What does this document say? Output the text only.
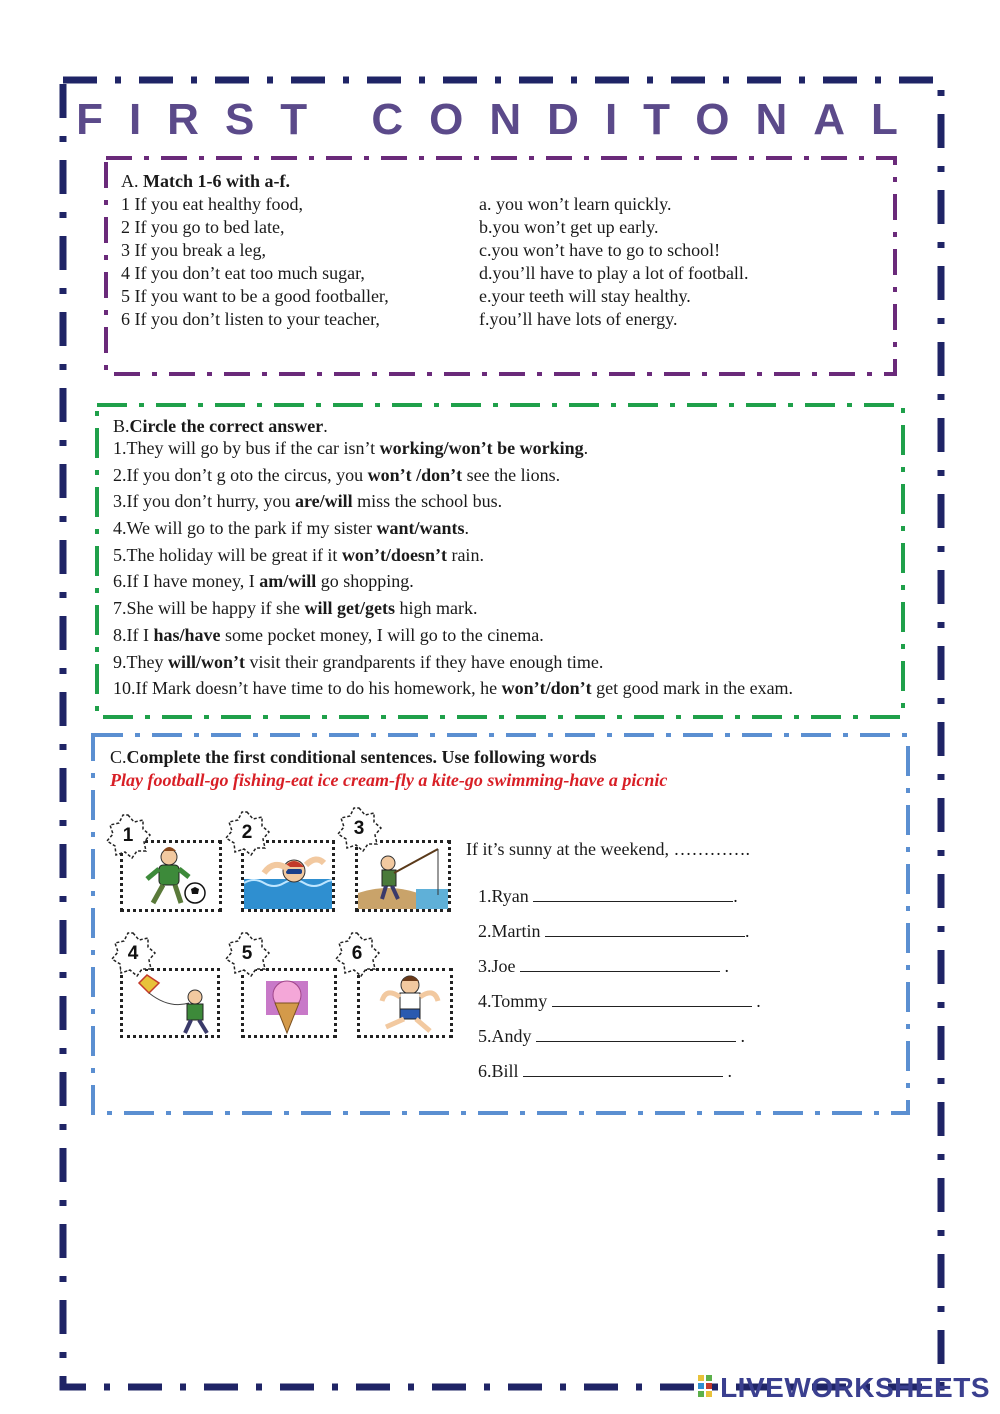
FIRST CONDITONAL
A. Match 1-6 with a-f.
1 If you eat healthy food,
2 If you go to bed late,
3 If you break a leg,
4 If you don’t eat too much sugar,
5 If you want to be a good footballer,
6 If you don’t listen to your teacher,
a. you won’t learn quickly.
b.you won’t get up early.
c.you won’t have to go to school!
d.you’ll have to play a lot of football.
e.your teeth will stay healthy.
f.you’ll have lots of energy.
B.Circle the correct answer.
1.They will go by bus if the car isn’t working/won’t be working.
2.If you don’t g oto the circus, you won’t /don’t see the lions.
3.If you don’t hurry, you are/will miss the school bus.
4.We will go to the park if my sister want/wants.
5.The holiday will be great if it won’t/doesn’t rain.
6.If I have money, I am/will go shopping.
7.She will be happy if she will get/gets high mark.
8.If I has/have some pocket money, I will go to the cinema.
9.They will/won’t visit their grandparents if they have enough time.
10.If Mark doesn’t have time to do his homework, he won’t/don’t get good mark in the exam.
C.Complete the first conditional sentences. Use following words
Play football-go fishing-eat ice cream-fly a kite-go swimming-have a picnic
1	2	3
4	5	6
If it’s sunny at the weekend, ………….
1.Ryan	.
2.Martin	.
3.Joe	.
4.Tommy	.
5.Andy	.
6.Bill	.
LIVEWORKSHEETS
